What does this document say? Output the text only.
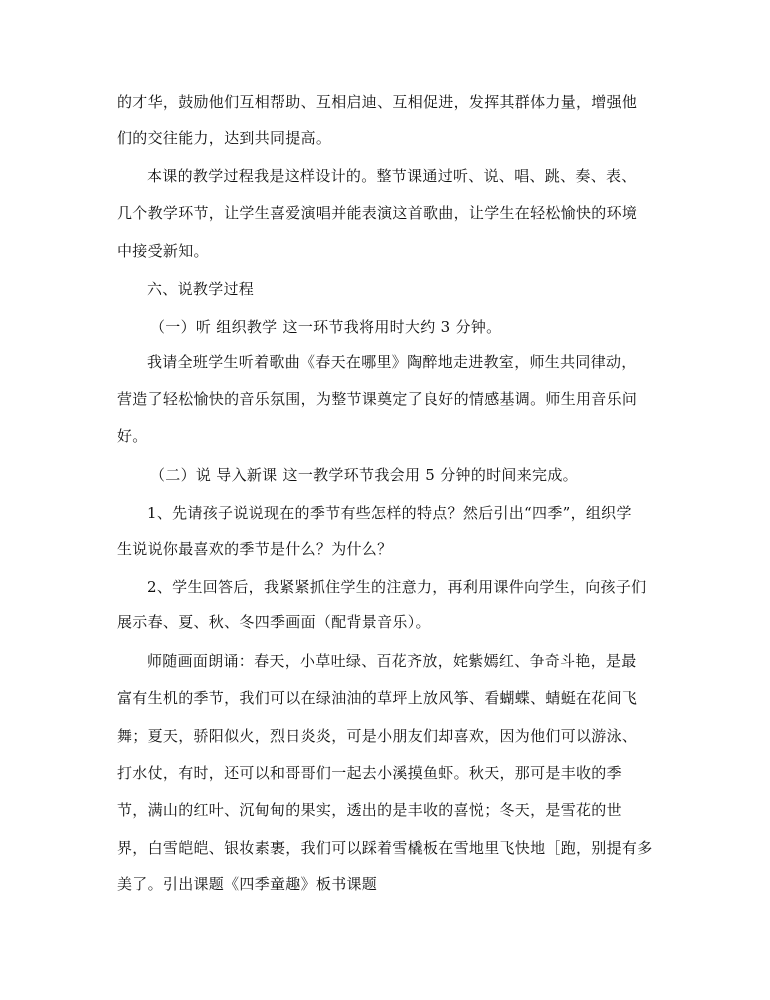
的才华，鼓励他们互相帮助、互相启迪、互相促进，发挥其群体力量，增强他
们的交往能力，达到共同提高。
本课的教学过程我是这样设计的。整节课通过听、说、唱、跳、奏、表、
几个教学环节，让学生喜爱演唱并能表演这首歌曲，让学生在轻松愉快的环境
中接受新知。
六、说教学过程
（一）听 组织教学 这一环节我将用时大约 3 分钟。
我请全班学生听着歌曲《春天在哪里》陶醉地走进教室，师生共同律动，
营造了轻松愉快的音乐氛围，为整节课奠定了良好的情感基调。师生用音乐问
好。
（二）说 导入新课 这一教学环节我会用 5 分钟的时间来完成。
1、先请孩子说说现在的季节有些怎样的特点？然后引出“四季”，组织学
生说说你最喜欢的季节是什么？为什么？
2、学生回答后，我紧紧抓住学生的注意力，再利用课件向学生，向孩子们
展示春、夏、秋、冬四季画面（配背景音乐）。
师随画面朗诵：春天，小草吐绿、百花齐放，姹紫嫣红、争奇斗艳，是最
富有生机的季节，我们可以在绿油油的草坪上放风筝、看蝴蝶、蜻蜓在花间飞
舞；夏天，骄阳似火，烈日炎炎，可是小朋友们却喜欢，因为他们可以游泳、
打水仗，有时，还可以和哥哥们一起去小溪摸鱼虾。秋天，那可是丰收的季
节，满山的红叶、沉甸甸的果实，透出的是丰收的喜悦；冬天，是雪花的世
界，白雪皑皑、银妆素裹，我们可以踩着雪橇板在雪地里飞快地［跑，别提有多
美了。引出课题《四季童趣》板书课题
